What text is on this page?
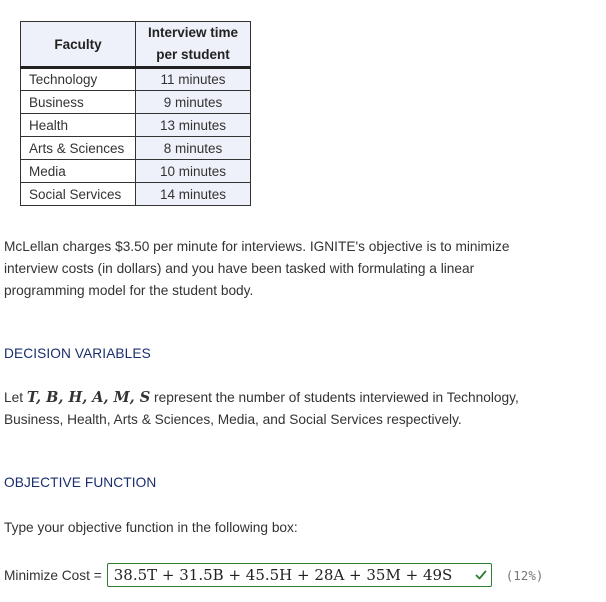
Faculty	Interview time
per student

Technology	11 minutes
Business	9 minutes
Health	13 minutes
Arts & Sciences	8 minutes
Media	10 minutes
Social Services	14 minutes

McLellan charges $3.50 per minute for interviews. IGNITE's objective is to minimize interview costs (in dollars) and you have been tasked with formulating a linear programming model for the student body.

DECISION VARIABLES

Let T, B, H, A, M, S represent the number of students interviewed in Technology, Business, Health, Arts & Sciences, Media, and Social Services respectively.

OBJECTIVE FUNCTION

Type your objective function in the following box:

Minimize Cost = 38.5T + 31.5B + 45.5H + 28A + 35M + 49S	(12%)
